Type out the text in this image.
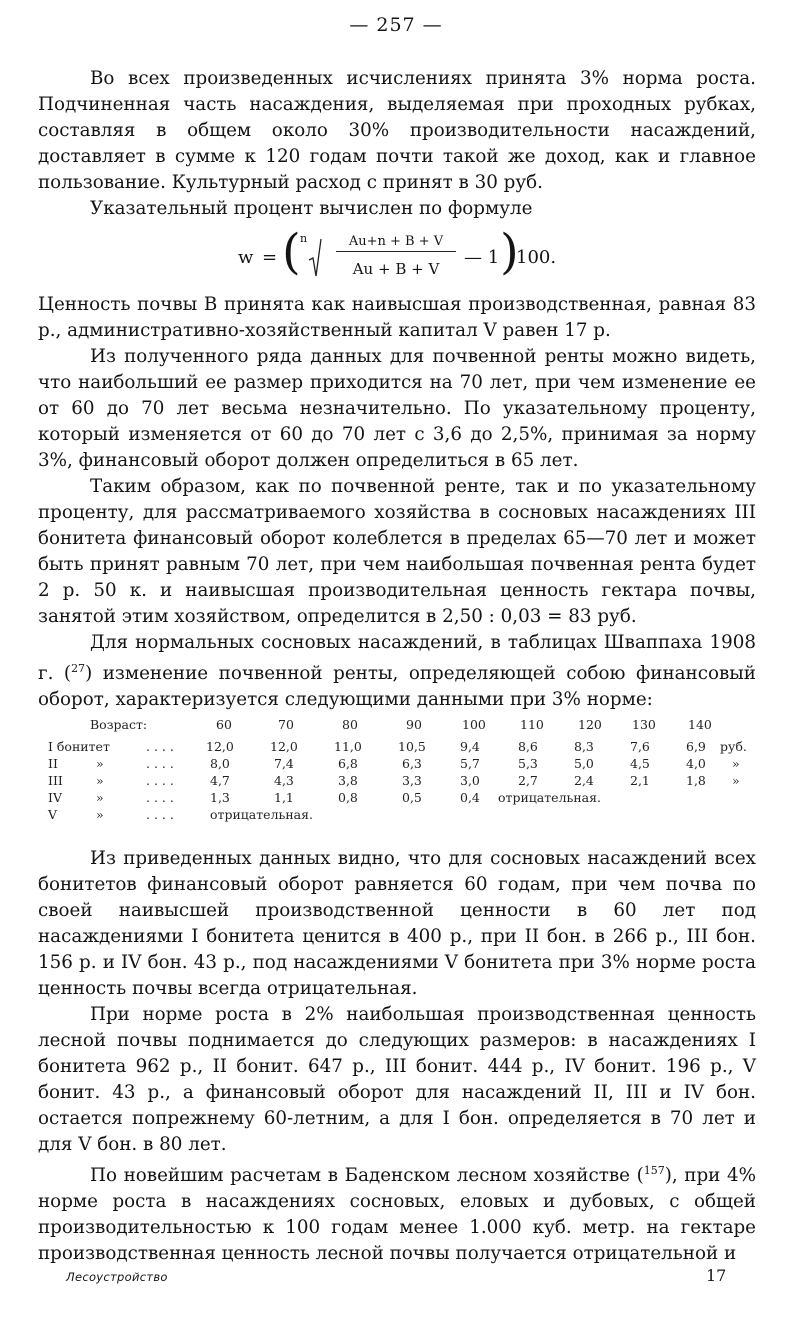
— 257 —

Во всех произведенных исчислениях принята 3% норма роста. Подчиненная часть насаждения, выделяемая при проходных рубках, составляя в общем около 30% производительности насаждений, доставляет в сумме к 120 годам почти такой же доход, как и главное пользование. Культурный расход с принят в 30 руб.

Указательный процент вычислен по формуле

w = ( n	Au+n + B + V
Au + B + V
— 1 )
100.

Ценность почвы B принята как наивысшая производственная, равная 83 р., административно-хозяйственный капитал V равен 17 р.

Из полученного ряда данных для почвенной ренты можно видеть, что наибольший ее размер приходится на 70 лет, при чем изменение ее от 60 до 70 лет весьма незначительно. По указательному проценту, который изменяется от 60 до 70 лет с 3,6 до 2,5%, принимая за норму 3%, финансовый оборот должен определиться в 65 лет.

Таким образом, как по почвенной ренте, так и по указательному проценту, для рассматриваемого хозяйства в сосновых насаждениях III бонитета финансовый оборот колеблется в пределах 65—70 лет и может быть принят равным 70 лет, при чем наибольшая почвенная рента будет 2 р. 50 к. и наивысшая производительная ценность гектара почвы, занятой этим хозяйством, определится в 2,50 : 0,03 = 83 руб.

Для нормальных сосновых насаждений, в таблицах Шваппаха 1908 г. ($^{27}$) изменение почвенной ренты, определяющей собою финансовый оборот, характеризуется следующими данными при 3% норме:

Возраст:	60	70	80	90	100	110	120 130	140
I бонитет	. . . .	12,0	12,0	11,0	10,5	9,4	8,6	8,3	7,6	6,9 руб.
II	»	. . . .	8,0	7,4	6,8	6,3	5,7	5,3	5,0	4,5	4,0 »
III	»	. . . .	4,7	4,3	3,8	3,3	3,0	2,7	2,4	2,1	1,8 »
IV	»	. . . .	1,3	1,1	0,8	0,5	0,4 отрицательная.
V	»	. . . .	отрицательная.

Из приведенных данных видно, что для сосновых насаждений всех бонитетов финансовый оборот равняется 60 годам, при чем почва по своей наивысшей производственной ценности в 60 лет под насаждениями I бонитета ценится в 400 р., при II бон. в 266 р., III бон. 156 р. и IV бон. 43 р., под насаждениями V бонитета при 3% норме роста ценность почвы всегда отрицательная.

При норме роста в 2% наибольшая производственная ценность лесной почвы поднимается до следующих размеров: в насаждениях I бонитета 962 р., II бонит. 647 р., III бонит. 444 р., IV бонит. 196 р., V бонит. 43 р., а финансовый оборот для насаждений II, III и IV бон. остается попрежнему 60-летним, а для I бон. определяется в 70 лет и для V бон. в 80 лет.

По новейшим расчетам в Баденском лесном хозяйстве ($^{157}$), при 4% норме роста в насаждениях сосновых, еловых и дубовых, с общей производительностью к 100 годам менее 1.000 куб. метр. на гектаре производственная ценность лесной почвы получается отрицательной и

Лесоустройство	17
